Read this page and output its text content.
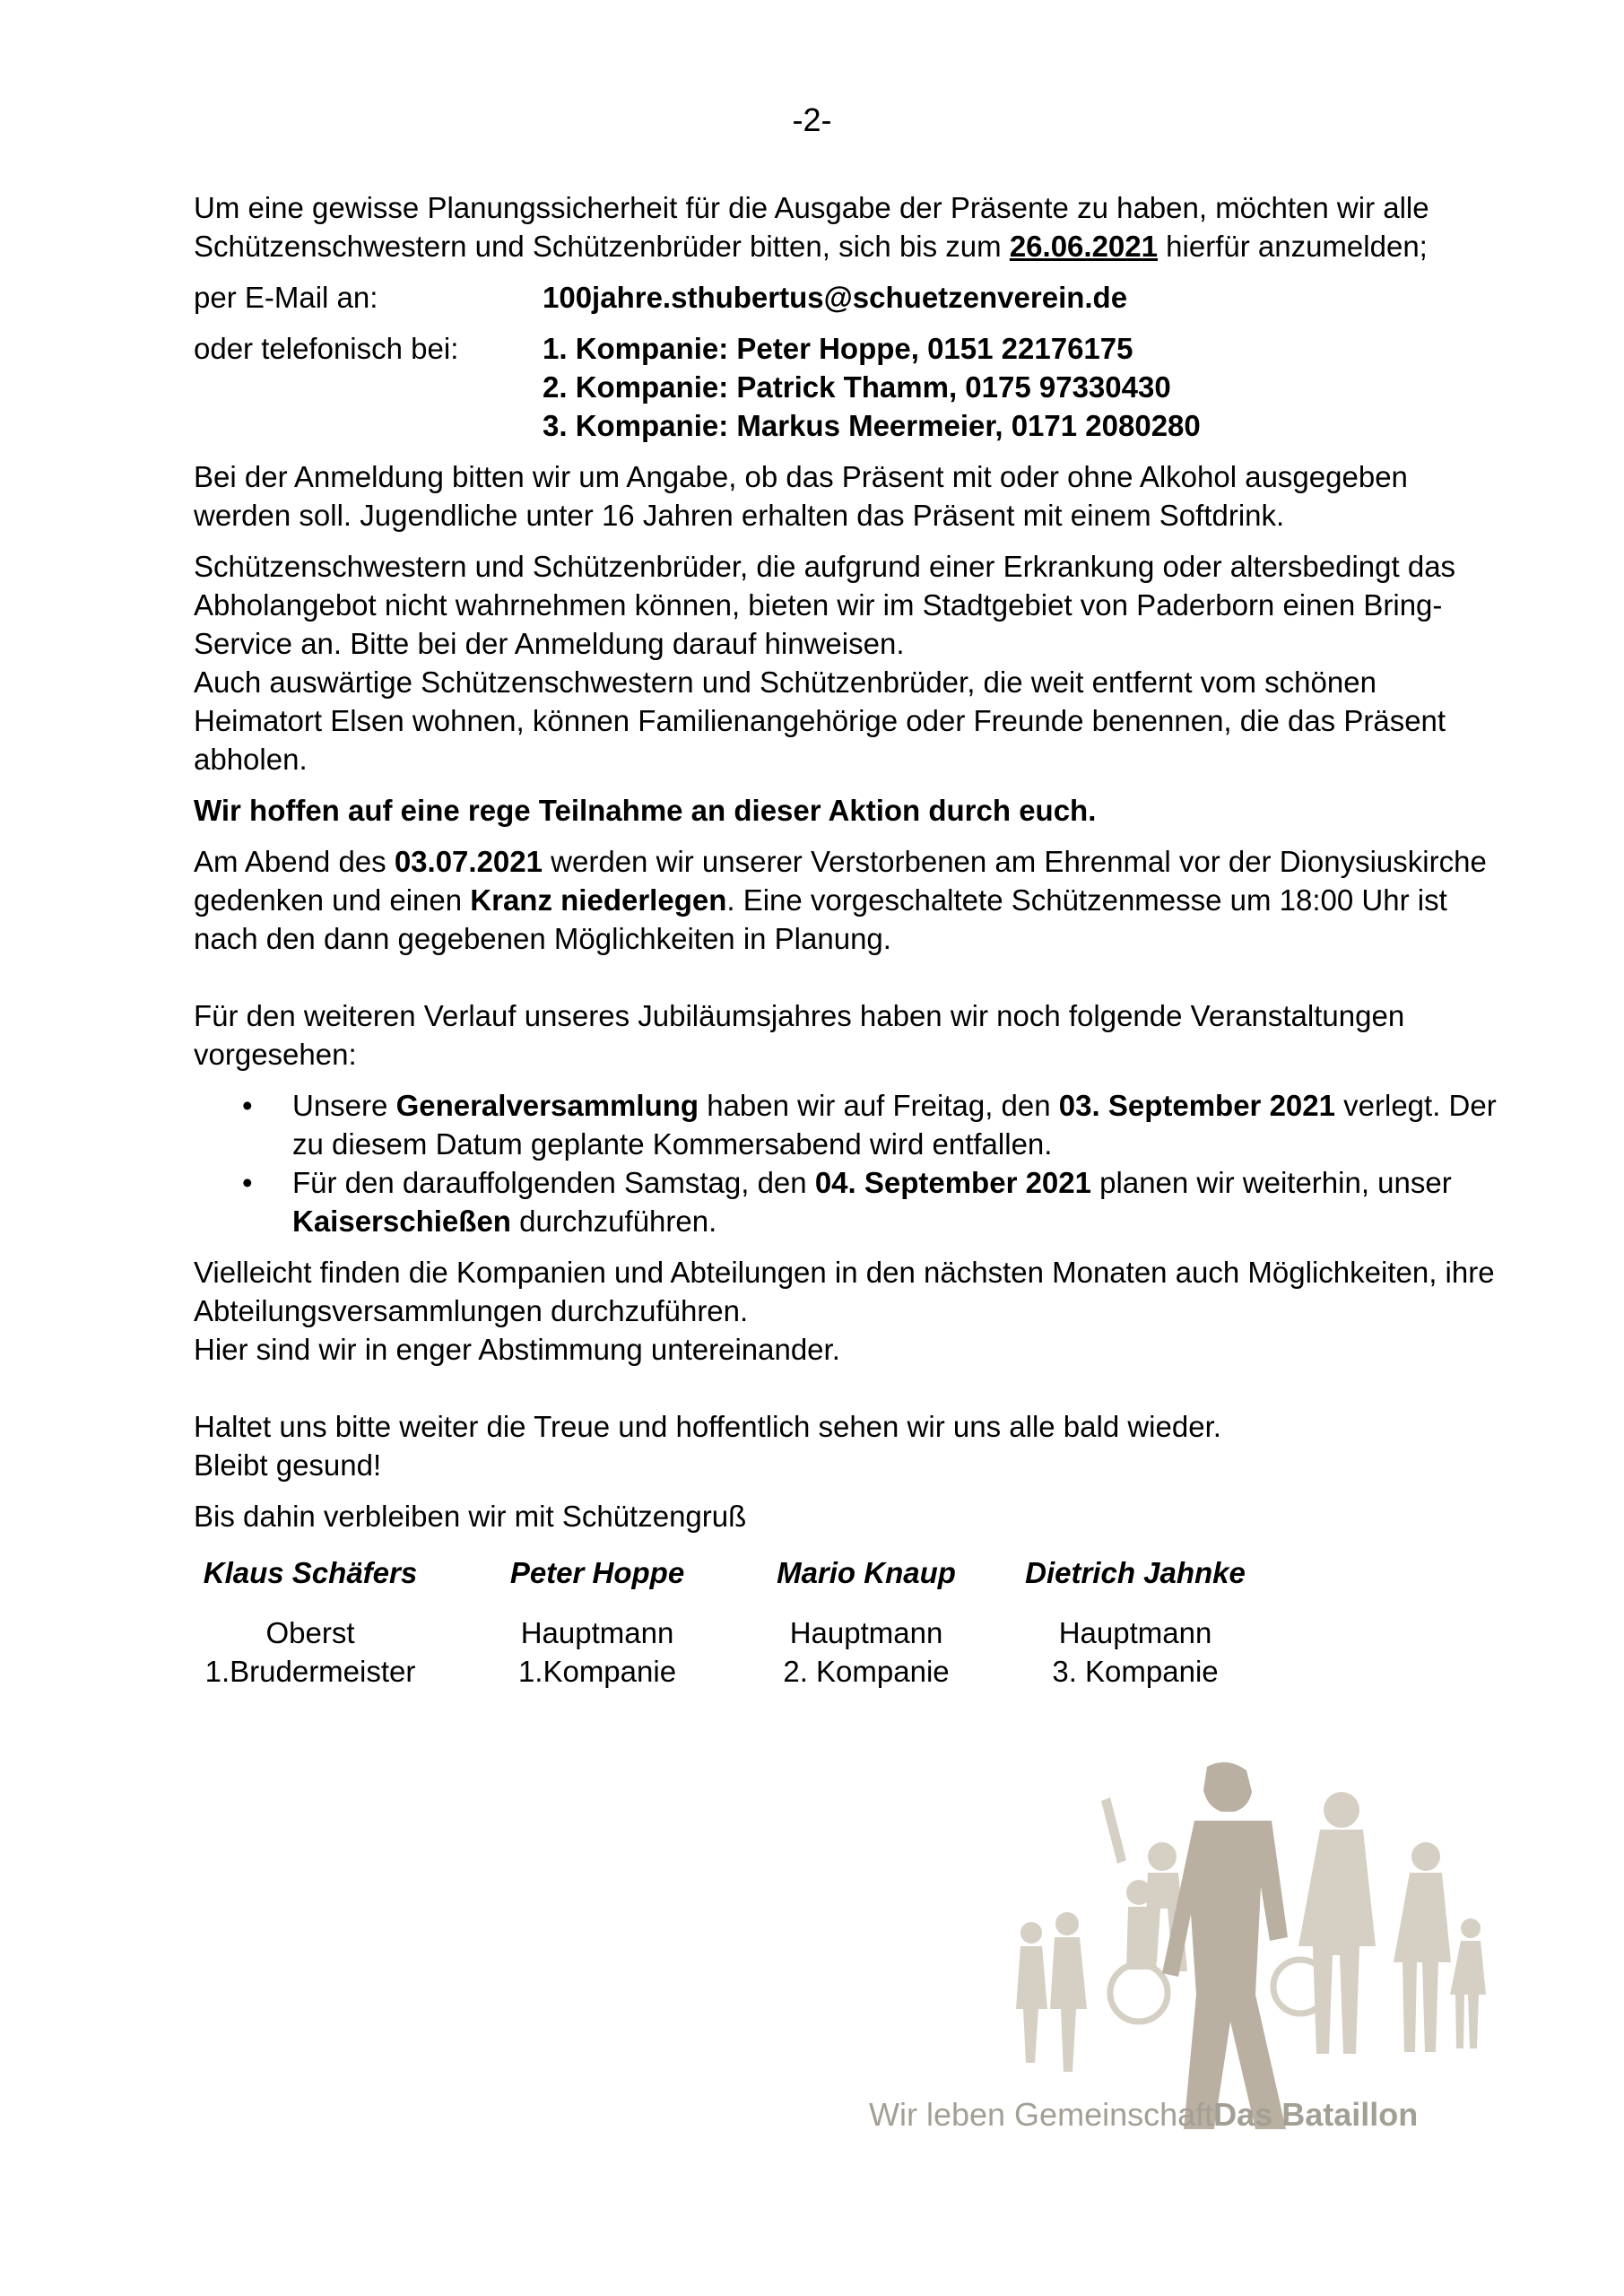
-2-

Um eine gewisse Planungssicherheit für die Ausgabe der Präsente zu haben, möchten wir alle Schützenschwestern und Schützenbrüder bitten, sich bis zum 26.06.2021 hierfür anzumelden;

per E-Mail an:	100jahre.sthubertus@schuetzenverein.de
oder telefonisch bei:	1. Kompanie: Peter Hoppe, 0151 22176175
2. Kompanie: Patrick Thamm, 0175 97330430
3. Kompanie: Markus Meermeier, 0171 2080280

Bei der Anmeldung bitten wir um Angabe, ob das Präsent mit oder ohne Alkohol ausgegeben werden soll. Jugendliche unter 16 Jahren erhalten das Präsent mit einem Softdrink.

Schützenschwestern und Schützenbrüder, die aufgrund einer Erkrankung oder altersbedingt das Abholangebot nicht wahrnehmen können, bieten wir im Stadtgebiet von Paderborn einen Bring-Service an. Bitte bei der Anmeldung darauf hinweisen.

Auch auswärtige Schützenschwestern und Schützenbrüder, die weit entfernt vom schönen Heimatort Elsen wohnen, können Familienangehörige oder Freunde benennen, die das Präsent abholen.

Wir hoffen auf eine rege Teilnahme an dieser Aktion durch euch.

Am Abend des 03.07.2021 werden wir unserer Verstorbenen am Ehrenmal vor der Dionysiuskirche gedenken und einen Kranz niederlegen. Eine vorgeschaltete Schützenmesse um 18:00 Uhr ist nach den dann gegebenen Möglichkeiten in Planung.

Für den weiteren Verlauf unseres Jubiläumsjahres haben wir noch folgende Veranstaltungen vorgesehen:

• Unsere Generalversammlung haben wir auf Freitag, den 03. September 2021 verlegt. Der zu diesem Datum geplante Kommersabend wird entfallen.
• Für den darauffolgenden Samstag, den 04. September 2021 planen wir weiterhin, unser Kaiserschießen durchzuführen.

Vielleicht finden die Kompanien und Abteilungen in den nächsten Monaten auch Möglichkeiten, ihre Abteilungsversammlungen durchzuführen.

Hier sind wir in enger Abstimmung untereinander.

Haltet uns bitte weiter die Treue und hoffentlich sehen wir uns alle bald wieder.

Bleibt gesund!

Bis dahin verbleiben wir mit Schützengruß

Klaus Schäfers
Oberst
1.Brudermeister
Peter Hoppe
Hauptmann
1.Kompanie
Mario Knaup
Hauptmann
2. Kompanie
Dietrich Jahnke
Hauptmann
3. Kompanie
Wir leben GemeinschaftDas Bataillon
